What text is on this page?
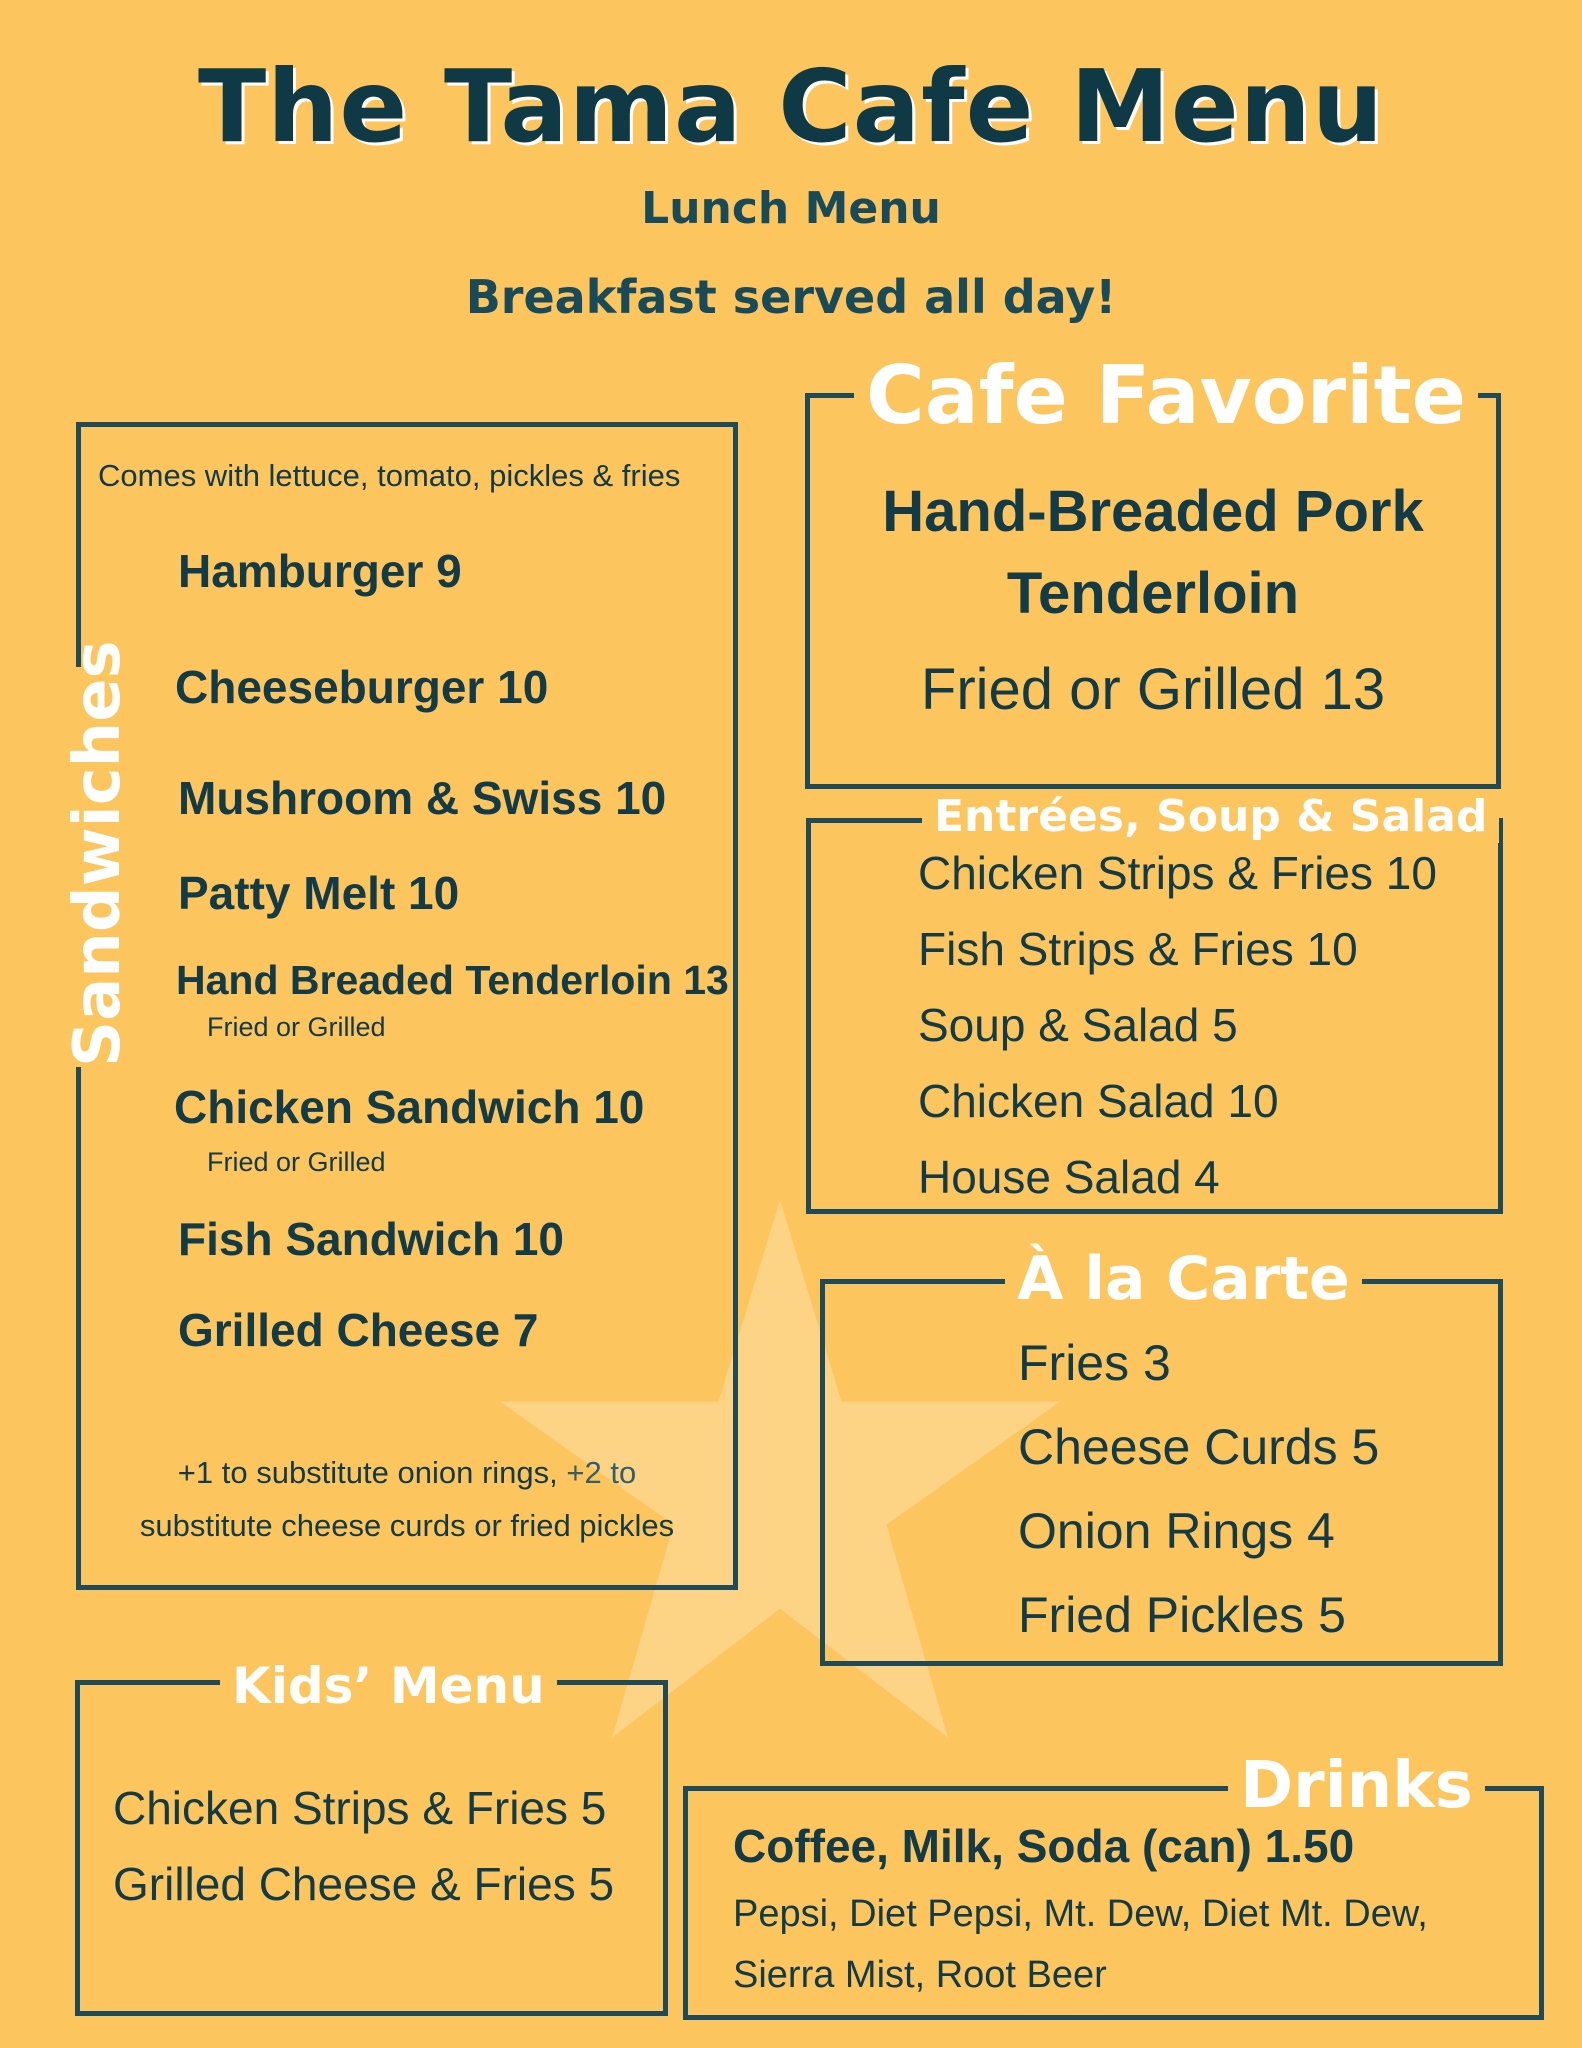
The Tama Cafe Menu
Lunch Menu
Breakfast served all day!
Sandwiches
Comes with lettuce, tomato, pickles & fries
Hamburger 9
Cheeseburger 10
Mushroom & Swiss 10
Patty Melt 10
Hand Breaded Tenderloin 13
Fried or Grilled
Chicken Sandwich 10
Fried or Grilled
Fish Sandwich 10
Grilled Cheese 7
+1 to substitute onion rings, +2 to
substitute cheese curds or fried pickles
Cafe Favorite
Hand-Breaded Pork
Tenderloin
Fried or Grilled 13
Entrées, Soup & Salad
Chicken Strips & Fries 10
Fish Strips & Fries 10
Soup & Salad 5
Chicken Salad 10
House Salad 4
À la Carte
Fries 3
Cheese Curds 5
Onion Rings 4
Fried Pickles 5
Kids’ Menu
Chicken Strips & Fries 5
Grilled Cheese & Fries 5
Drinks
Coffee, Milk, Soda (can) 1.50
Pepsi, Diet Pepsi, Mt. Dew, Diet Mt. Dew,
Sierra Mist, Root Beer
